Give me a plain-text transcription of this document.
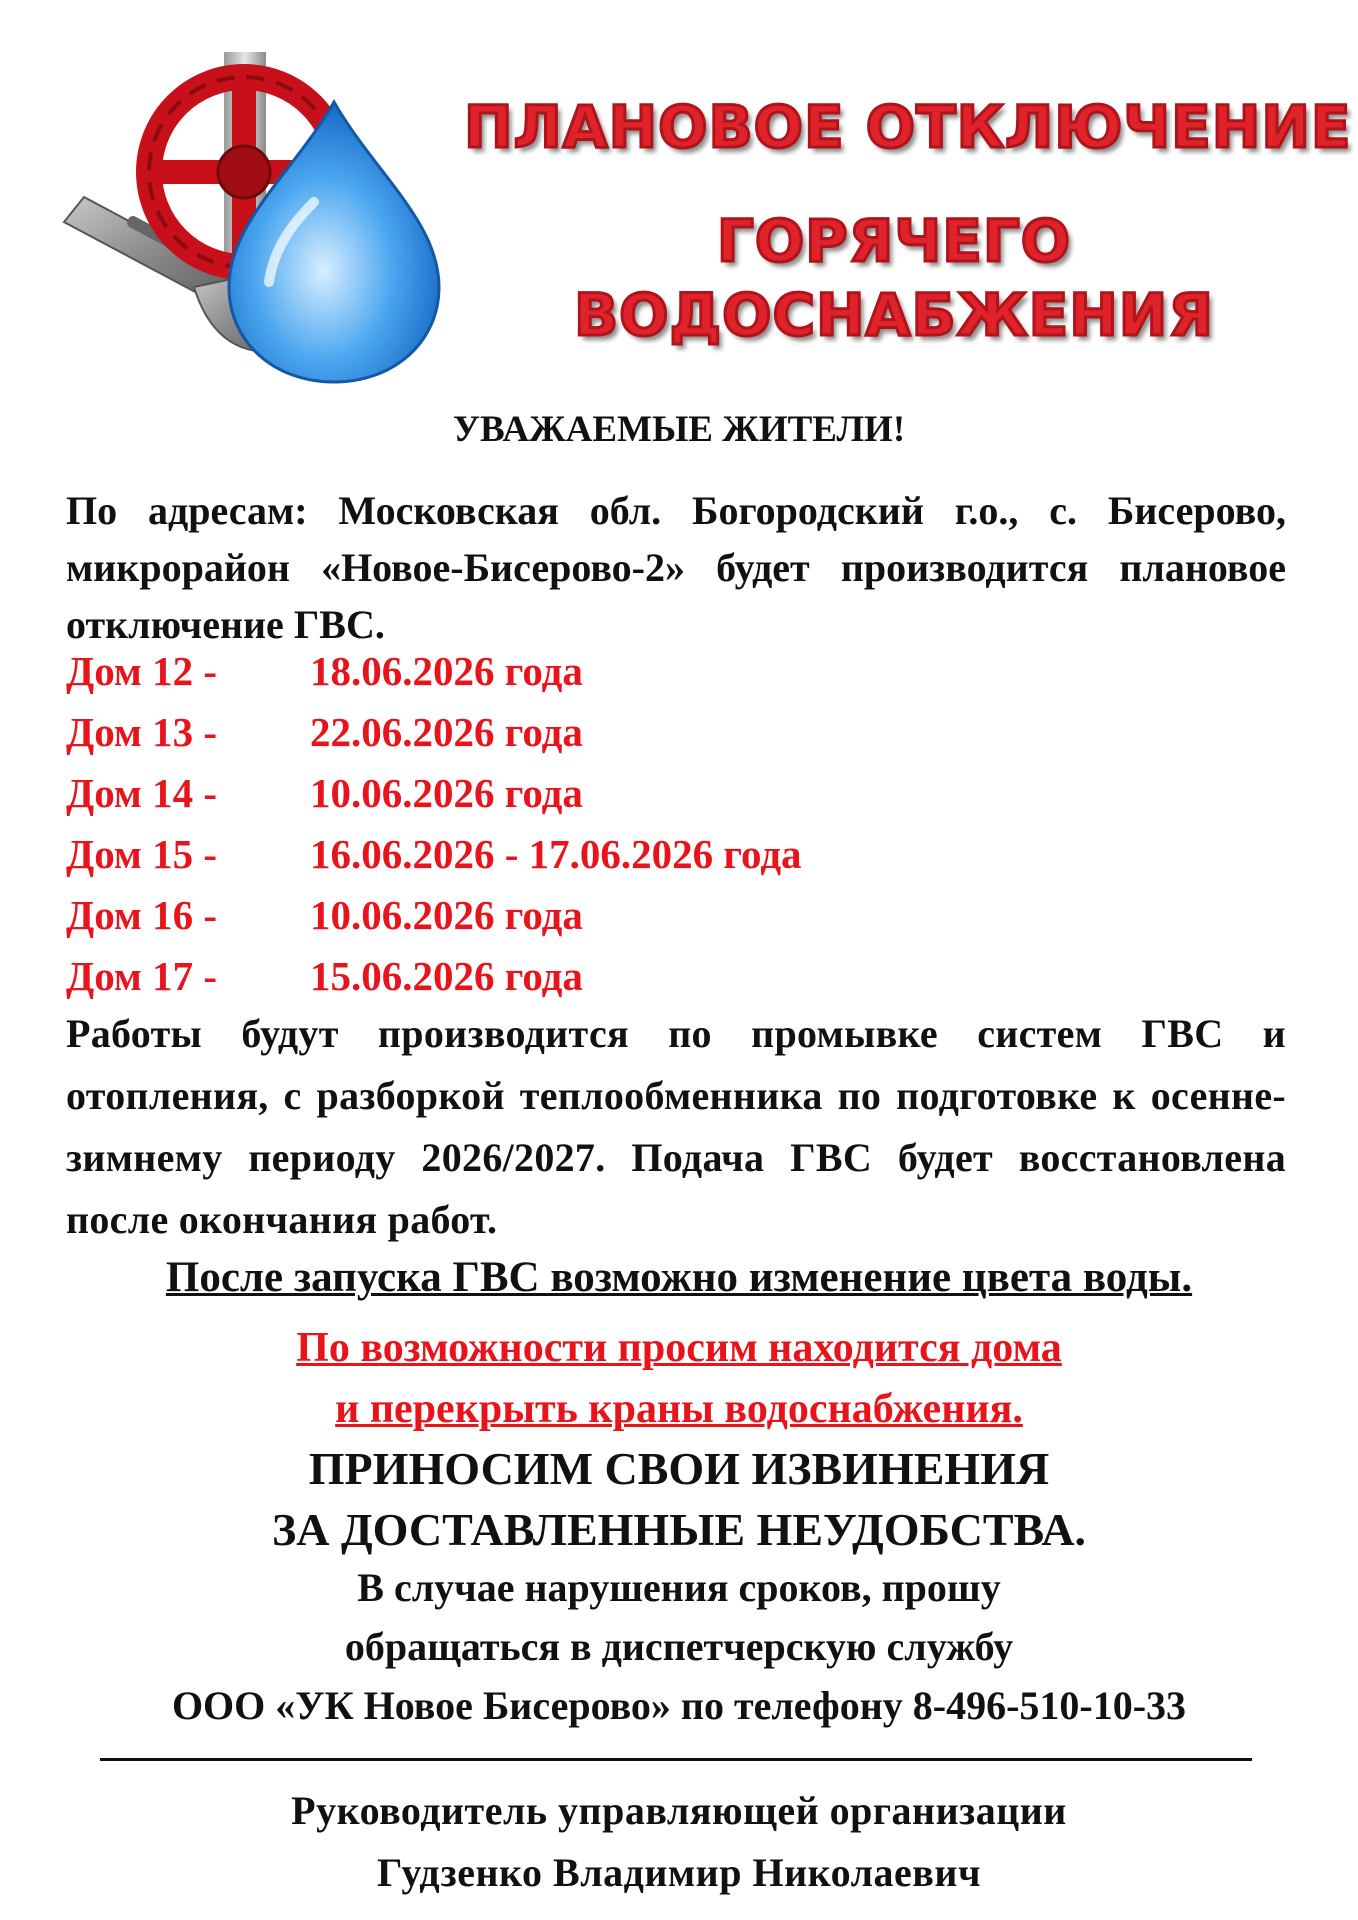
ПЛАНОВОЕ ОТКЛЮЧЕНИЕ
ГОРЯЧЕГО
ВОДОСНАБЖЕНИЯ
УВАЖАЕМЫЕ ЖИТЕЛИ!
По адресам: Московская обл. Богородский г.о., с. Бисерово, микрорайон «Новое-Бисерово-2» будет производится плановое отключение ГВС.
Дом 12 -	18.06.2026 года
Дом 13 -	22.06.2026 года
Дом 14 -	10.06.2026 года
Дом 15 -	16.06.2026 - 17.06.2026 года
Дом 16 -	10.06.2026 года
Дом 17 -	15.06.2026 года
Работы будут производится по промывке систем ГВС и отопления, с разборкой теплообменника по подготовке к осенне-зимнему периоду 2026/2027. Подача ГВС будет восстановлена после окончания работ.
После запуска ГВС возможно изменение цвета воды.
По возможности просим находится дома
и перекрыть краны водоснабжения.
ПРИНОСИМ СВОИ ИЗВИНЕНИЯ
ЗА ДОСТАВЛЕННЫЕ НЕУДОБСТВА.
В случае нарушения сроков, прошу
обращаться в диспетчерскую службу
ООО «УК Новое Бисерово» по телефону 8-496-510-10-33
Руководитель управляющей организации
Гудзенко Владимир Николаевич
